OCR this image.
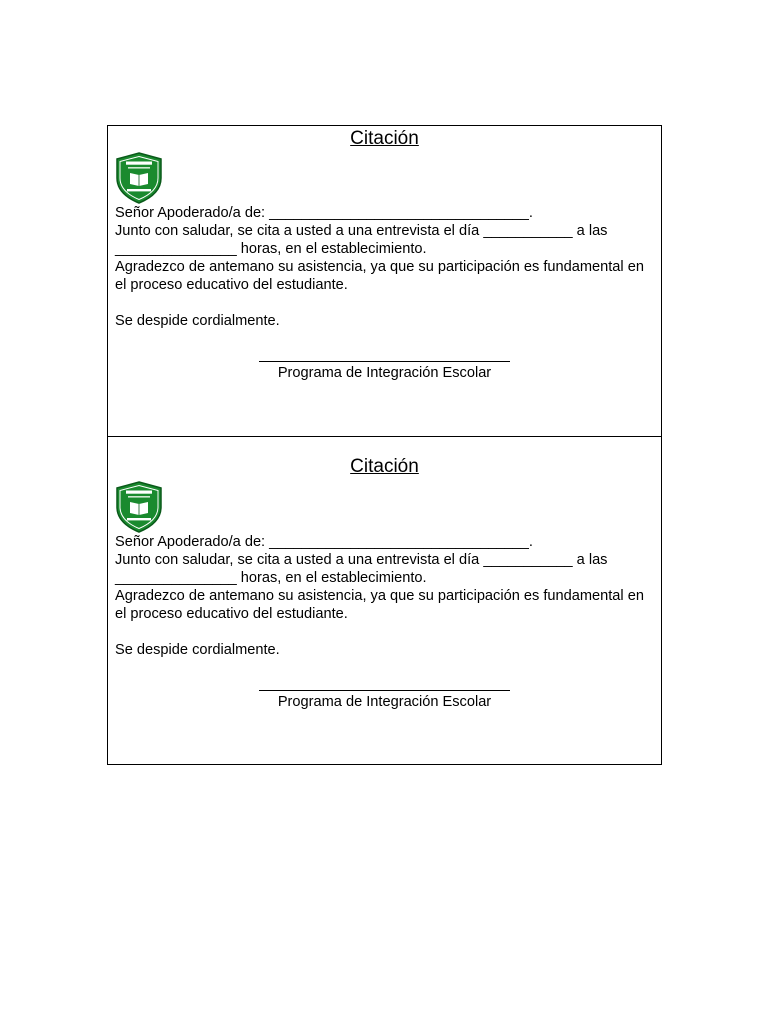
Citación

Señor Apoderado/a de: ________________________________.

Junto con saludar, se cita a usted a una entrevista el día ___________ a las _______________ horas, en el establecimiento.

Agradezco de antemano su asistencia, ya que su participación es fundamental en el proceso educativo del estudiante.

Se despide cordialmente.

Programa de Integración Escolar
Citación

Señor Apoderado/a de: ________________________________.

Junto con saludar, se cita a usted a una entrevista el día ___________ a las _______________ horas, en el establecimiento.

Agradezco de antemano su asistencia, ya que su participación es fundamental en el proceso educativo del estudiante.

Se despide cordialmente.

Programa de Integración Escolar
